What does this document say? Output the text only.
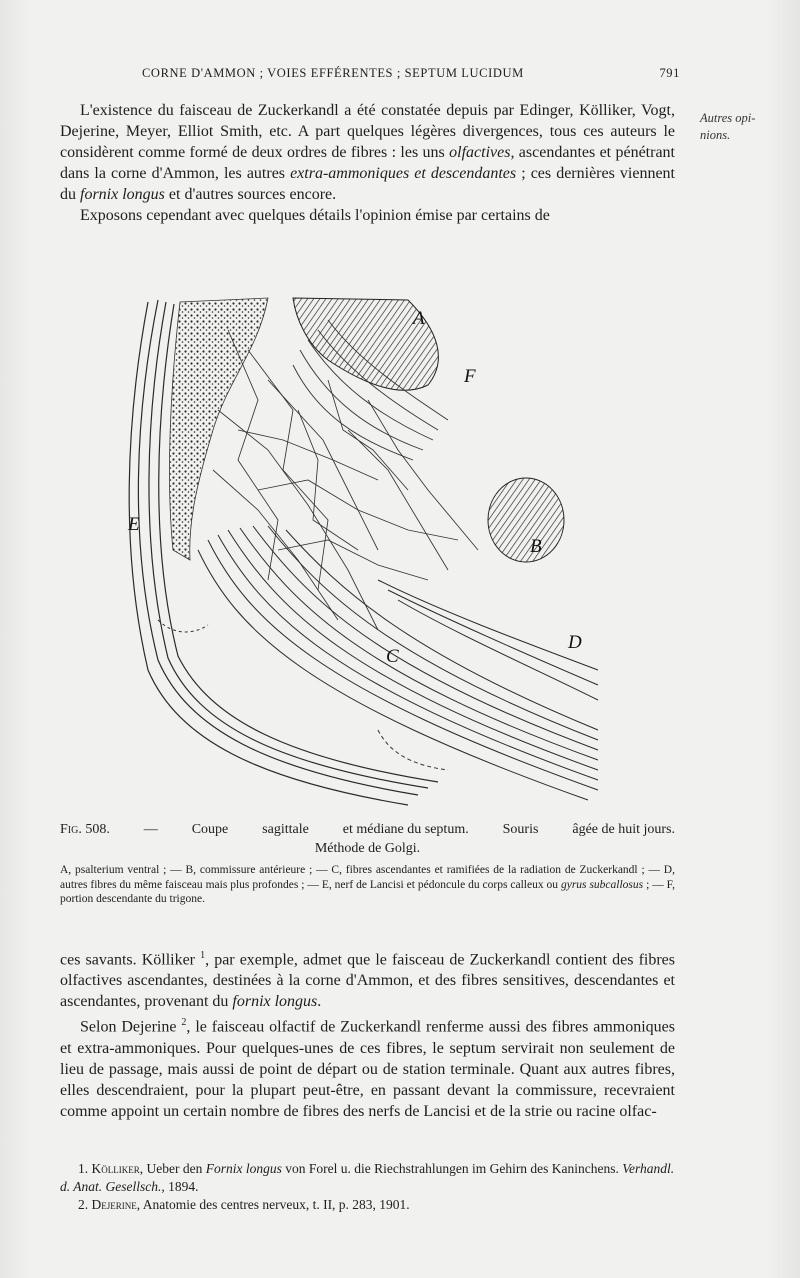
CORNE D'AMMON ; VOIES EFFÉRENTES ; SEPTUM LUCIDUM	791
Autres opi-
nions.

L'existence du faisceau de Zuckerkandl a été constatée depuis par Edinger, Kölliker, Vogt, Dejerine, Meyer, Elliot Smith, etc. A part quelques légères divergences, tous ces auteurs le considèrent comme formé de deux ordres de fibres : les uns olfactives, ascendantes et pénétrant dans la corne d'Ammon, les autres extra-ammoniques et descendantes ; ces dernières viennent du fornix longus et d'autres sources encore.

Exposons cependant avec quelques détails l'opinion émise par certains de

A
B
C
D
E
F
Fig. 508. — Coupe sagittale et médiane du septum. Souris âgée de huit jours.
Méthode de Golgi.
A, psalterium ventral ; — B, commissure antérieure ; — C, fibres ascendantes et ramifiées de la radiation de Zuckerkandl ; — D, autres fibres du même faisceau mais plus profondes ; — E, nerf de Lancisi et pédoncule du corps calleux ou gyrus subcallosus ; — F, portion descendante du trigone.

ces savants. Kölliker $^1$, par exemple, admet que le faisceau de Zuckerkandl contient des fibres olfactives ascendantes, destinées à la corne d'Ammon, et des fibres sensitives, descendantes et ascendantes, provenant du fornix longus.

Selon Dejerine $^2$, le faisceau olfactif de Zuckerkandl renferme aussi des fibres ammoniques et extra-ammoniques. Pour quelques-unes de ces fibres, le septum servirait non seulement de lieu de passage, mais aussi de point de départ ou de station terminale. Quant aux autres fibres, elles descendraient, pour la plupart peut-être, en passant devant la commissure, recevraient comme appoint un certain nombre de fibres des nerfs de Lancisi et de la strie ou racine olfac-

1. Kölliker, Ueber den Fornix longus von Forel u. die Riechstrahlungen im Gehirn des Kaninchens. Verhandl. d. Anat. Gesellsch., 1894.
2. Dejerine, Anatomie des centres nerveux, t. II, p. 283, 1901.
